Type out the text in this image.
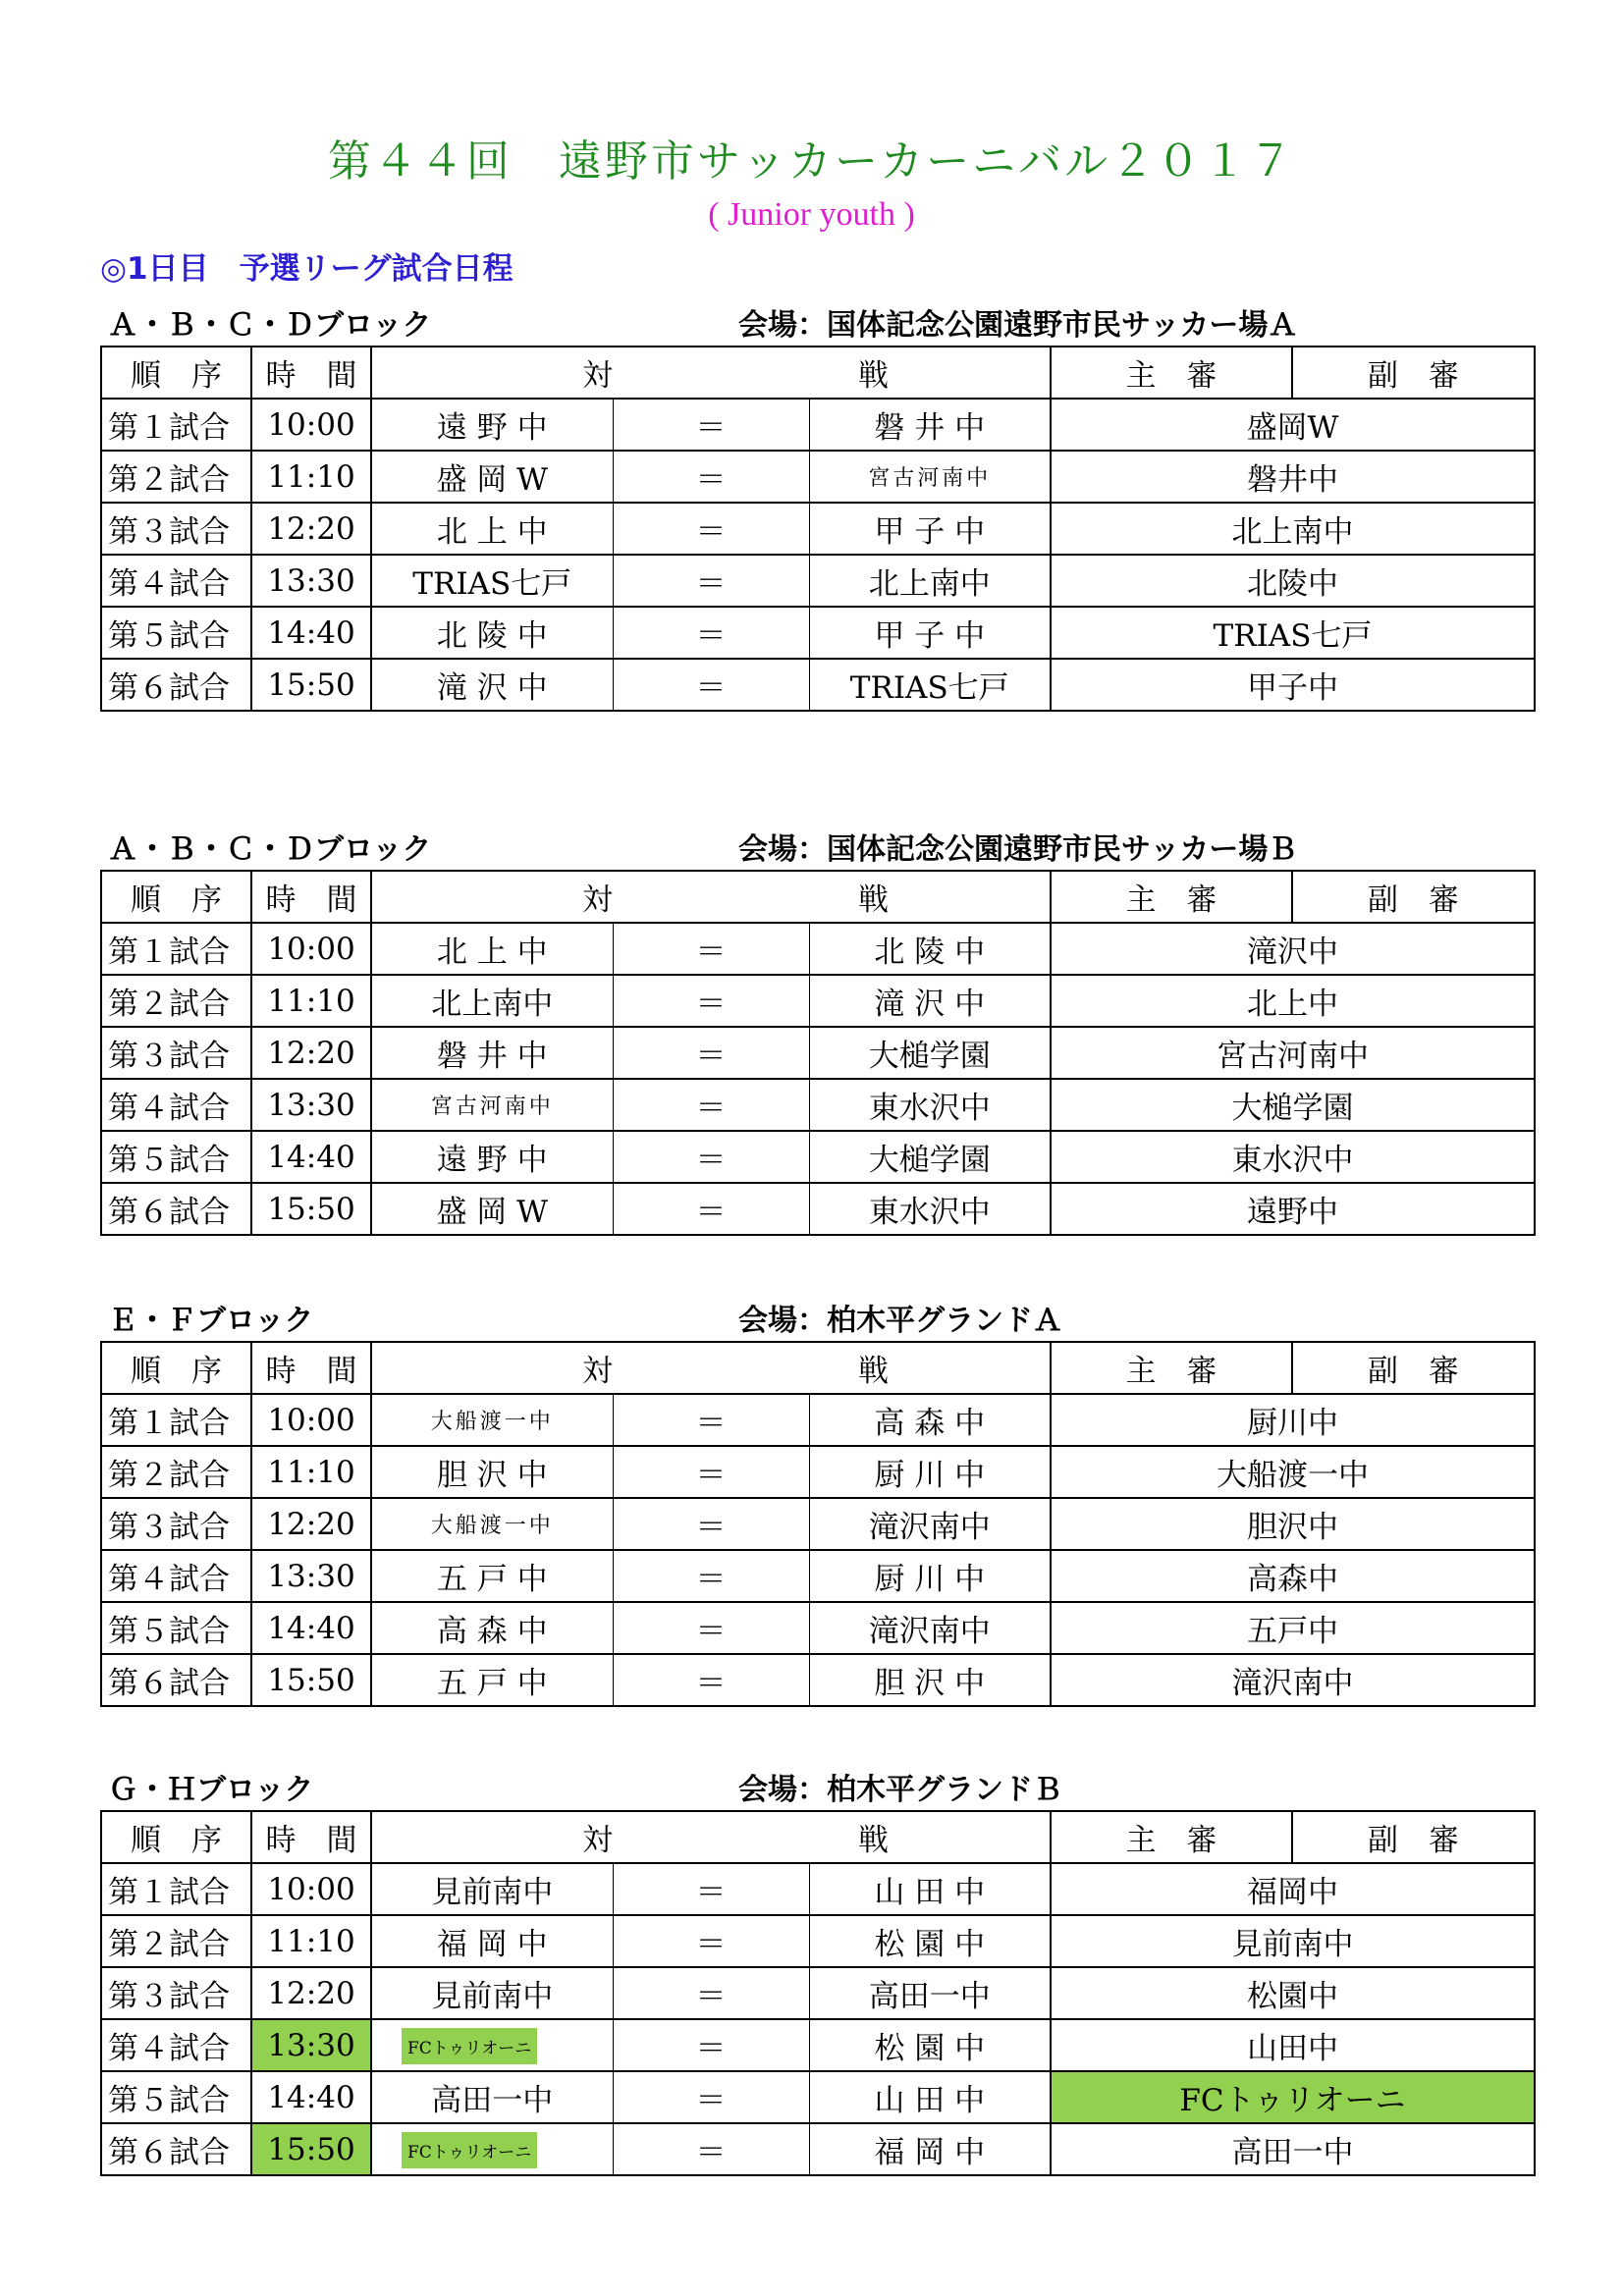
第４４回　遠野市サッカーカーニバル２０１７
( Junior youth )
◎1日目　予選リーグ試合日程
Ａ・Ｂ・Ｃ・Ｄブロック	会場：国体記念公園遠野市民サッカー場Ａ
順　序	時　間	対		戦	主　審	副　審
第１試合	10:00	遠 野 中	＝	磐 井 中	盛岡W	
第２試合	11:10	盛 岡 W	＝	宮古河南中	磐井中	
第３試合	12:20	北 上 中	＝	甲 子 中	北上南中	
第４試合	13:30	TRIAS七戸	＝	北上南中	北陵中	
第５試合	14:40	北 陵 中	＝	甲 子 中	TRIAS七戸	
第６試合	15:50	滝 沢 中	＝	TRIAS七戸	甲子中	
Ａ・Ｂ・Ｃ・Ｄブロック	会場：国体記念公園遠野市民サッカー場Ｂ
順　序	時　間	対		戦	主　審	副　審
第１試合	10:00	北 上 中	＝	北 陵 中	滝沢中	
第２試合	11:10	北上南中	＝	滝 沢 中	北上中	
第３試合	12:20	磐 井 中	＝	大槌学園	宮古河南中	
第４試合	13:30	宮古河南中	＝	東水沢中	大槌学園	
第５試合	14:40	遠 野 中	＝	大槌学園	東水沢中	
第６試合	15:50	盛 岡 W	＝	東水沢中	遠野中	
Ｅ・Ｆブロック	会場：柏木平グランドＡ
順　序	時　間	対		戦	主　審	副　審
第１試合	10:00	大船渡一中	＝	高 森 中	厨川中	
第２試合	11:10	胆 沢 中	＝	厨 川 中	大船渡一中	
第３試合	12:20	大船渡一中	＝	滝沢南中	胆沢中	
第４試合	13:30	五 戸 中	＝	厨 川 中	高森中	
第５試合	14:40	高 森 中	＝	滝沢南中	五戸中	
第６試合	15:50	五 戸 中	＝	胆 沢 中	滝沢南中	
Ｇ・Ｈブロック	会場：柏木平グランドＢ
順　序	時　間	対		戦	主　審	副　審
第１試合	10:00	見前南中	＝	山 田 中	福岡中	
第２試合	11:10	福 岡 中	＝	松 園 中	見前南中	
第３試合	12:20	見前南中	＝	高田一中	松園中	
第４試合	13:30	FCトゥリオーニ	＝	松 園 中	山田中	
第５試合	14:40	高田一中	＝	山 田 中	FCトゥリオーニ	
第６試合	15:50	FCトゥリオーニ	＝	福 岡 中	高田一中	
